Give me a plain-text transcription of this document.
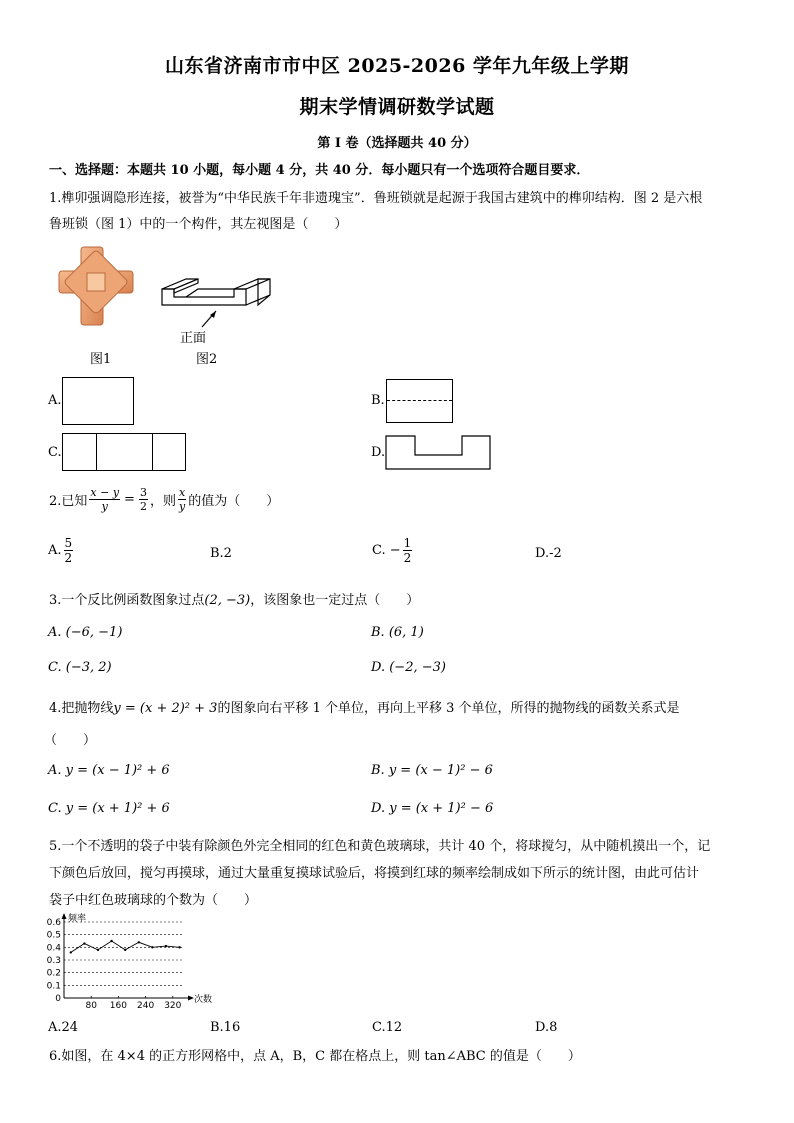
山东省济南市市中区 2025-2026 学年九年级上学期
期末学情调研数学试题
第 I 卷（选择题共 40 分）
一、选择题：本题共 10 小题，每小题 4 分，共 40 分．每小题只有一个选项符合题目要求．
1.榫卯强调隐形连接，被誉为“中华民族千年非遗瑰宝”．鲁班锁就是起源于我国古建筑中的榫卯结构．图 2 是六根
鲁班锁（图 1）中的一个构件，其左视图是（　　）
图1
正面
图2
A.	B.
C.	D.
2.已知 $\frac{x - y}{y} = \frac{3}{2}$ ，则 $\frac{x}{y}$ 的值为（　　）
A. $\frac{5}{2}$	B.2	C. − $\frac{1}{2}$	D.-2
3.一个反比例函数图象过点(2, −3)，该图象也一定过点（　　）
A. (−6, −1)	B. (6, 1)
C. (−3, 2)	D. (−2, −3)
4.把抛物线y = (x + 2)² + 3的图象向右平移 1 个单位，再向上平移 3 个单位，所得的抛物线的函数关系式是
（　　）
A. y = (x − 1)² + 6	B. y = (x − 1)² − 6
C. y = (x + 1)² + 6	D. y = (x + 1)² − 6
5.一个不透明的袋子中装有除颜色外完全相同的红色和黄色玻璃球，共计 40 个，将球搅匀，从中随机摸出一个，记
下颜色后放回，搅匀再摸球，通过大量重复摸球试验后，将摸到红球的频率绘制成如下所示的统计图，由此可估计
袋子中红色玻璃球的个数为（　　）
频率
次数
0.6
0.5
0.4
0.3
0.2
0.1
0
80 160 240 320
A.24	B.16	C.12	D.8
6.如图，在 4×4 的正方形网格中，点 A，B，C 都在格点上，则 tan∠ABC 的值是（　　）
